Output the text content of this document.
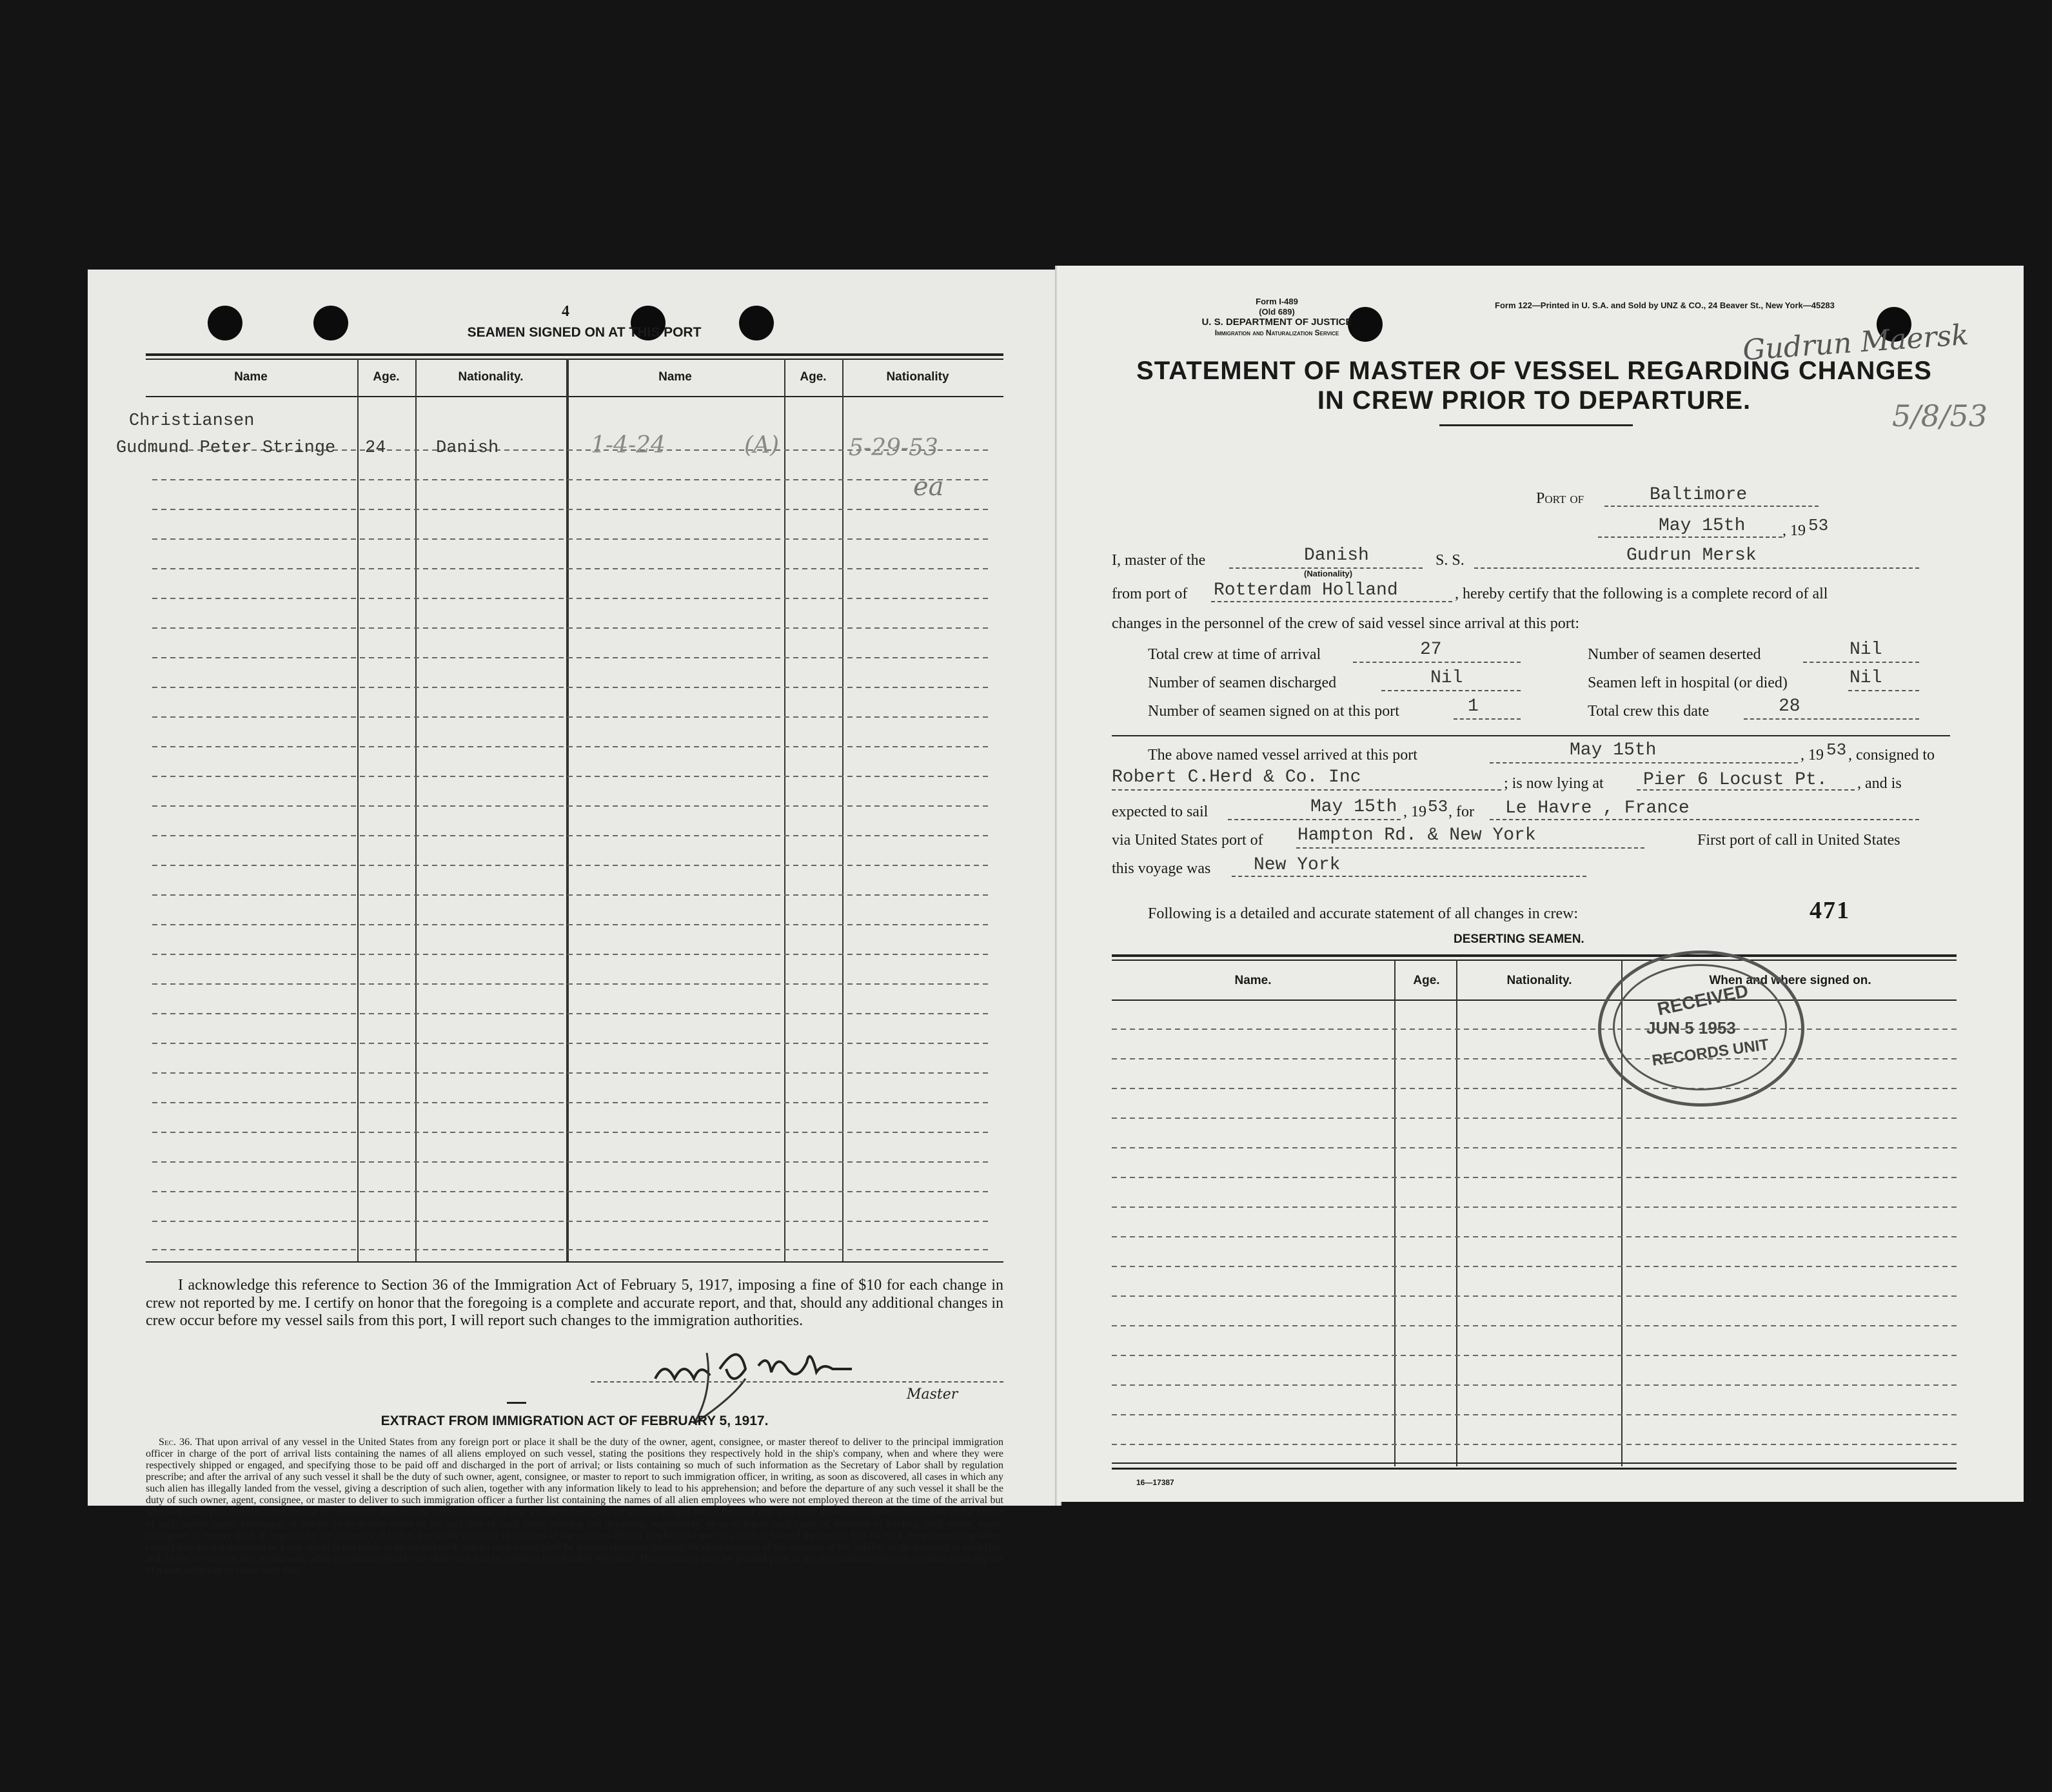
4
SEAMEN SIGNED ON AT THIS PORT
Name	Age.	Nationality.	Name	Age.	Nationality
Christiansen
Gudmund Peter Stringe 24	Danish	1-4-24	(A)	5-29-53
ea

I acknowledge this reference to Section 36 of the Immigration Act of February 5, 1917, imposing a fine of $10 for each change in crew not reported by me. I certify on honor that the foregoing is a complete and accurate report, and that, should any additional changes in crew occur before my vessel sails from this port, I will report such changes to the immigration authorities.

Master
EXTRACT FROM IMMIGRATION ACT OF FEBRUARY 5, 1917.
Sec. 36. That upon arrival of any vessel in the United States from any foreign port or place it shall be the duty of the owner, agent, consignee, or master thereof to deliver to the principal immigration officer in charge of the port of arrival lists containing the names of all aliens employed on such vessel, stating the positions they respectively hold in the ship's company, when and where they were respectively shipped or engaged, and specifying those to be paid off and discharged in the port of arrival; or lists containing so much of such information as the Secretary of Labor shall by regulation prescribe; and after the arrival of any such vessel it shall be the duty of such owner, agent, consignee, or master to report to such immigration officer, in writing, as soon as discovered, all cases in which any such alien has illegally landed from the vessel, giving a description of such alien, together with any information likely to lead to his apprehension; and before the departure of any such vessel it shall be the duty of such owner, agent, consignee, or master to deliver to such immigration officer a further list containing the names of all alien employees who were not employed thereon at the time of the arrival but who will leave port thereon at the time of her departure, and also the names of those, if any, who have been paid off and discharged and of those, if any, who have deserted or landed; and in case of the failure of such owner, agent, consignee, or master so to deliver either of the said lists of such aliens arriving and departing, respectively, or so to report such cases of desertion or landing, such owner, agent, consignee, or master shall, if required by the Secretary of Labor, pay to the collector of customs of the customs district in which the port of arrival is located the sum of $10 for each alien concerning whom correct lists are not delivered or a true report is not made as above required; and no such vessel shall be granted clearance pending the determination of the question of the liability to the payment of such fine, and, in the event such fine is imposed, while it remains unpaid; nor shall such fine be remitted or refunded; Provided, That clearance may be granted prior to the determination of such question upon deposit of a sum sufficient to cover such fine
Form I-489
(Old 689)
U. S. DEPARTMENT OF JUSTICE
Immigration and Naturalization Service
Form 122—Printed in U. S.A. and Sold by UNZ & CO., 24 Beaver St., New York—45283
Gudrun Maersk
5/8/53
STATEMENT OF MASTER OF VESSEL REGARDING CHANGES
IN CREW PRIOR TO DEPARTURE.
Port of	Baltimore
May 15th , 19 53
I, master of the	Danish
(Nationality)
S. S.	Gudrun Mersk
from port of Rotterdam Holland	, hereby certify that the following is a complete record of all
changes in the personnel of the crew of said vessel since arrival at this port:
Total crew at time of arrival	27	Number of seamen deserted	Nil
Number of seamen discharged	Nil	Seamen left in hospital (or died)	Nil
Number of seamen signed on at this port	1	Total crew this date	28
The above named vessel arrived at this port	May 15th	, 19 53 , consigned to
Robert C.Herd & Co. Inc	; is now lying at Pier 6 Locust Pt. , and is
expected to sail	May 15th , 19 53 , for Le Havre , France
via United States port of Hampton Rd. & New York	First port of call in United States
this voyage was New York
Following is a detailed and accurate statement of all changes in crew:	471
DESERTING SEAMEN.
Name.	Age.	Nationality.	When and where signed on.
16—17387
RECEIVED
JUN 5 1953
RECORDS UNIT
